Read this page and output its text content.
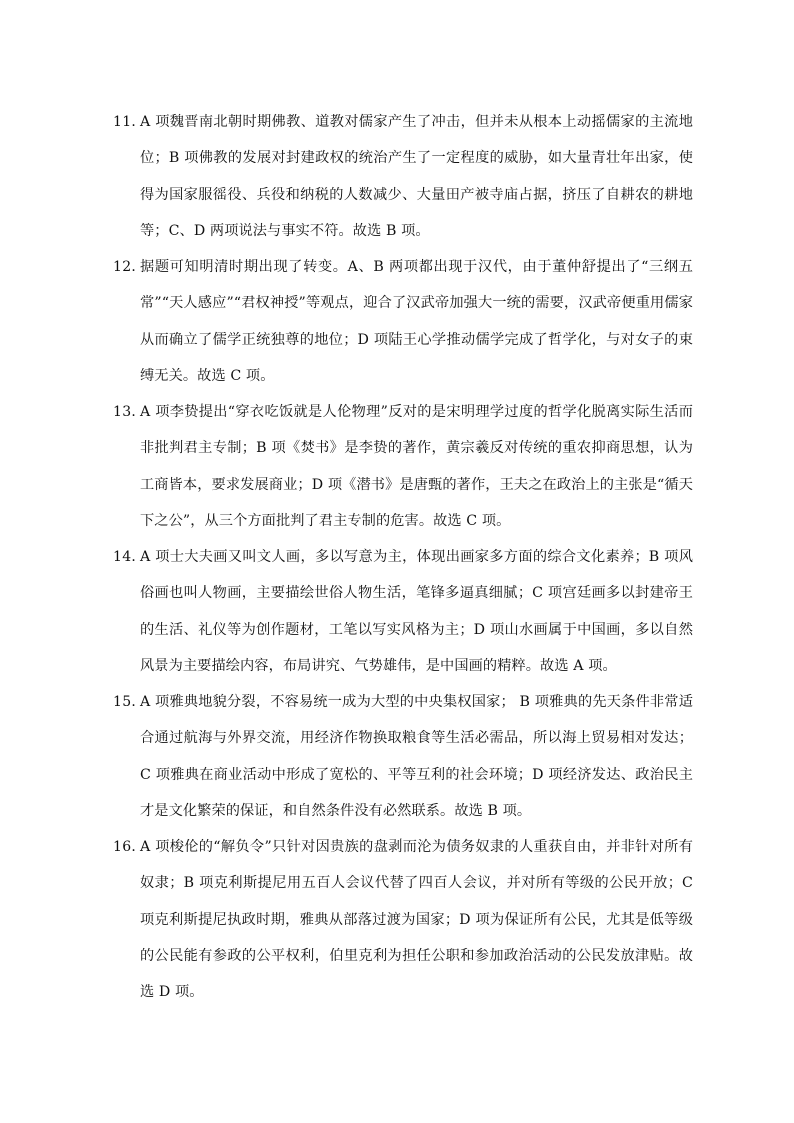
11．
A 项魏晋南北朝时期佛教、道教对儒家产生了冲击，但并未从根本上动摇儒家的主流地位；B 项佛教的发展对封建政权的统治产生了一定程度的威胁，如大量青壮年出家，使得为国家服徭役、兵役和纳税的人数减少、大量田产被寺庙占据，挤压了自耕农的耕地等；C、D 两项说法与事实不符。故选 B 项。
12．
据题可知明清时期出现了转变。A、B 两项都出现于汉代，由于董仲舒提出了“三纲五常”“天人感应”“君权神授”等观点，迎合了汉武帝加强大一统的需要，汉武帝便重用儒家从而确立了儒学正统独尊的地位；D 项陆王心学推动儒学完成了哲学化，与对女子的束缚无关。故选 C 项。
13．
A 项李贽提出“穿衣吃饭就是人伦物理”反对的是宋明理学过度的哲学化脱离实际生活而非批判君主专制；B 项《焚书》是李贽的著作，黄宗羲反对传统的重农抑商思想，认为工商皆本，要求发展商业；D 项《潜书》是唐甄的著作，王夫之在政治上的主张是“循天下之公”，从三个方面批判了君主专制的危害。故选 C 项。
14．
A 项士大夫画又叫文人画，多以写意为主，体现出画家多方面的综合文化素养；B 项风俗画也叫人物画，主要描绘世俗人物生活，笔锋多逼真细腻；C 项宫廷画多以封建帝王的生活、礼仪等为创作题材，工笔以写实风格为主；D 项山水画属于中国画，多以自然风景为主要描绘内容，布局讲究、气势雄伟，是中国画的精粹。故选 A 项。
15．
A 项雅典地貌分裂，不容易统一成为大型的中央集权国家； B 项雅典的先天条件非常适合通过航海与外界交流，用经济作物换取粮食等生活必需品，所以海上贸易相对发达；C 项雅典在商业活动中形成了宽松的、平等互利的社会环境；D 项经济发达、政治民主才是文化繁荣的保证，和自然条件没有必然联系。故选 B 项。
16．
A 项梭伦的“解负令”只针对因贵族的盘剥而沦为债务奴隶的人重获自由，并非针对所有奴隶；B 项克利斯提尼用五百人会议代替了四百人会议，并对所有等级的公民开放；C 项克利斯提尼执政时期，雅典从部落过渡为国家；D 项为保证所有公民，尤其是低等级的公民能有参政的公平权利，伯里克利为担任公职和参加政治活动的公民发放津贴。故选 D 项。
